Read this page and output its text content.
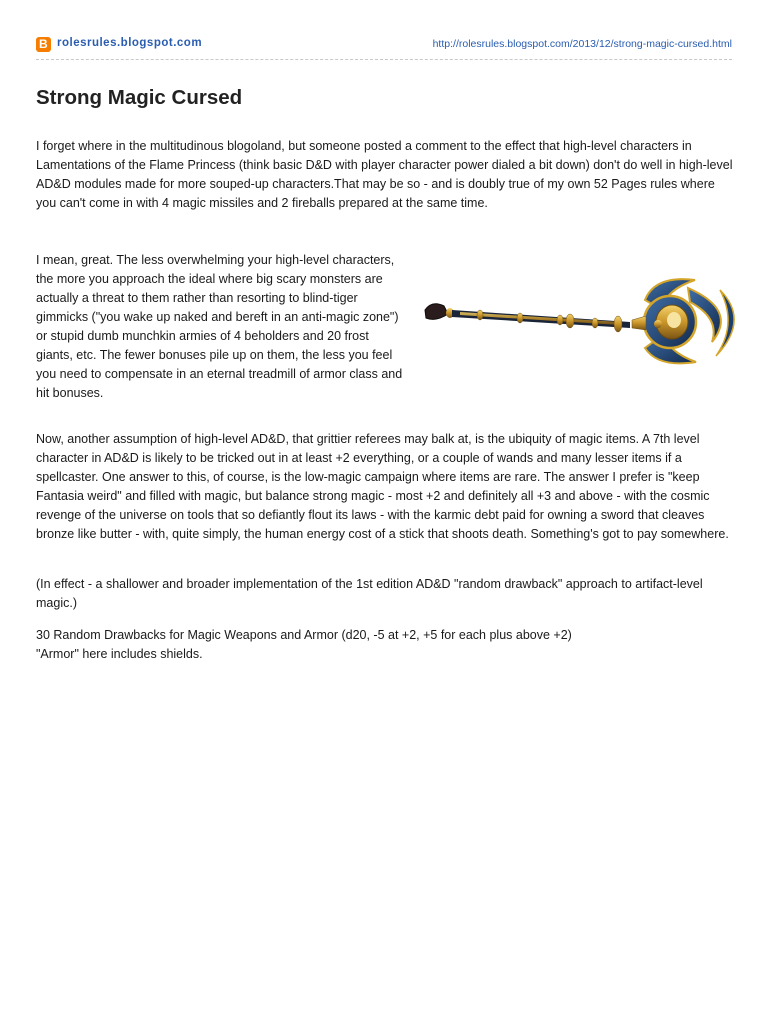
B rolesrules.blogspot.com	http://rolesrules.blogspot.com/2013/12/strong-magic-cursed.html
Strong Magic Cursed

I forget where in the multitudinous blogoland, but someone posted a comment to the effect that high-level characters in Lamentations of the Flame Princess (think basic D&D with player character power dialed a bit down) don't do well in high-level AD&D modules made for more souped-up characters.That may be so - and is doubly true of my own 52 Pages rules where you can't come in with 4 magic missiles and 2 fireballs prepared at the same time.

I mean, great. The less overwhelming your high-level characters, the more you approach the ideal where big scary monsters are actually a threat to them rather than resorting to blind-tiger gimmicks ("you wake up naked and bereft in an anti-magic zone") or stupid dumb munchkin armies of 4 beholders and 20 frost giants, etc. The fewer bonuses pile up on them, the less you feel you need to compensate in an eternal treadmill of armor class and hit bonuses.

Now, another assumption of high-level AD&D, that grittier referees may balk at, is the ubiquity of magic items. A 7th level character in AD&D is likely to be tricked out in at least +2 everything, or a couple of wands and many lesser items if a spellcaster. One answer to this, of course, is the low-magic campaign where items are rare. The answer I prefer is "keep Fantasia weird" and filled with magic, but balance strong magic - most +2 and definitely all +3 and above - with the cosmic revenge of the universe on tools that so defiantly flout its laws - with the karmic debt paid for owning a sword that cleaves bronze like butter - with, quite simply, the human energy cost of a stick that shoots death. Something's got to pay somewhere.

(In effect - a shallower and broader implementation of the 1st edition AD&D "random drawback" approach to artifact-level magic.)

30 Random Drawbacks for Magic Weapons and Armor (d20, -5 at +2, +5 for each plus above +2)
"Armor" here includes shields.
